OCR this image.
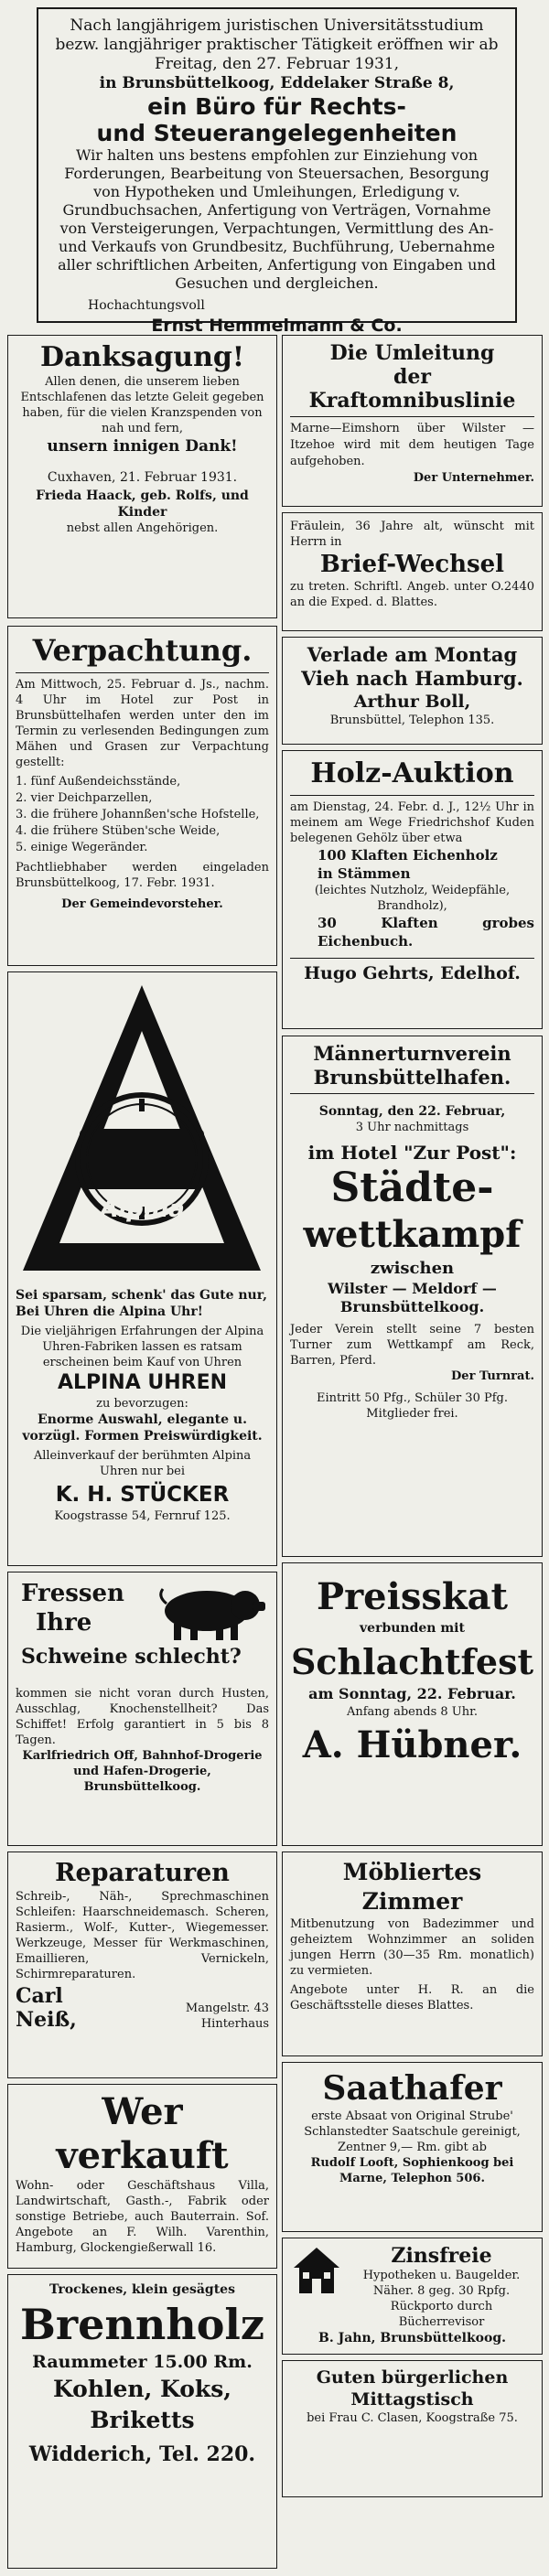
Nach langjährigem juristischen Universitätsstudium bezw. langjähriger praktischer Tätigkeit eröffnen wir ab Freitag, den 27. Februar 1931,

in Brunsbüttelkoog, Eddelaker Straße 8,

ein Büro für Rechts-

und Steuerangelegenheiten

Wir halten uns bestens empfohlen zur Einziehung von Forderungen, Bearbeitung von Steuersachen, Besorgung von Hypotheken und Umleihungen, Erledigung v. Grundbuchsachen, Anfertigung von Verträgen, Vornahme von Versteigerungen, Verpachtungen, Vermittlung des An- und Verkaufs von Grundbesitz, Buchführung, Uebernahme aller schriftlichen Arbeiten, Anfertigung von Eingaben und Gesuchen und dergleichen.

Hochachtungsvoll

Ernst Hemmelmann & Co.

Danksagung!

Allen denen, die unserem lieben Entschlafenen das letzte Geleit gegeben haben, für die vielen Kranzspenden von nah und fern,

unsern innigen Dank!

Cuxhaven, 21. Februar 1931.

Frieda Haack, geb. Rolfs, und Kinder

nebst allen Angehörigen.

Die Umleitung

der Kraftomnibuslinie

Marne—Eimshorn über Wilster —Itzehoe wird mit dem heutigen Tage aufgehoben.

Der Unternehmer.

Fräulein, 36 Jahre alt, wünscht mit Herrn in

Brief-Wechsel

zu treten. Schriftl. Angeb. unter O.2440 an die Exped. d. Blattes.

Verpachtung.

Am Mittwoch, 25. Februar d. Js., nachm. 4 Uhr im Hotel zur Post in Brunsbüttelhafen werden unter den im Termin zu verlesenden Bedingungen zum Mähen und Grasen zur Verpachtung gestellt:

1. fünf Außendeichsstände,

2. vier Deichparzellen,

3. die frühere Johannßen'sche Hofstelle,

4. die frühere Stüben'sche Weide,

5. einige Wegeränder.

Pachtliebhaber werden eingeladen Brunsbüttelkoog, 17. Febr. 1931.

Der Gemeindevorsteher.

Verlade am Montag

Vieh nach Hamburg.

Arthur Boll,

Brunsbüttel, Telephon 135.

Holz-Auktion

am Dienstag, 24. Febr. d. J., 12½ Uhr in meinem am Wege Friedrichshof Kuden belegenen Gehölz über etwa

100 Klaften Eichenholz

in Stämmen

(leichtes Nutzholz, Weidepfähle, Brandholz),

30 Klaften grobes Eichenbuch.

Hugo Gehrts, Edelhof.

Alpina

Sei sparsam, schenk' das Gute nur, Bei Uhren die Alpina Uhr!

Die vieljährigen Erfahrungen der Alpina Uhren-Fabriken lassen es ratsam erscheinen beim Kauf von Uhren

ALPINA UHREN

zu bevorzugen:

Enorme Auswahl, elegante u. vorzügl. Formen Preiswürdigkeit.

Alleinverkauf der berühmten Alpina Uhren nur bei

K. H. STÜCKER

Koogstrasse 54, Fernruf 125.

Männerturnverein

Brunsbüttelhafen.

Sonntag, den 22. Februar,

3 Uhr nachmittags

im Hotel "Zur Post":

Städte-

wettkampf

zwischen

Wilster — Meldorf —

Brunsbüttelkoog.

Jeder Verein stellt seine 7 besten Turner zum Wettkampf am Reck, Barren, Pferd.

Der Turnrat.

Eintritt 50 Pfg., Schüler 30 Pfg. Mitglieder frei.

Fressen

Ihre

Schweine schlecht?

kommen sie nicht voran durch Husten, Ausschlag, Knochenstellheit? Das Schiffet! Erfolg garantiert in 5 bis 8 Tagen.

Karlfriedrich Off, Bahnhof-Drogerie und Hafen-Drogerie, Brunsbüttelkoog.

Preisskat

verbunden mit

Schlachtfest

am Sonntag, 22. Februar.

Anfang abends 8 Uhr.

A. Hübner.

Reparaturen

Schreib-, Näh-, Sprechmaschinen Schleifen: Haarschneidemasch. Scheren, Rasierm., Wolf-, Kutter-, Wiegemesser. Werkzeuge, Messer für Werkmaschinen, Emaillieren, Vernickeln, Schirmreparaturen.

Carl Neiß,	Mangelstr. 43 Hinterhaus

Möbliertes Zimmer

Mitbenutzung von Badezimmer und geheiztem Wohnzimmer an soliden jungen Herrn (30—35 Rm. monatlich) zu vermieten.

Angebote unter H. R. an die Geschäftsstelle dieses Blattes.

Wer verkauft

Wohn- oder Geschäftshaus Villa, Landwirtschaft, Gasth.-, Fabrik oder sonstige Betriebe, auch Bauterrain. Sof. Angebote an F. Wilh. Varenthin, Hamburg, Glockengießerwall 16.

Saathafer

erste Absaat von Original Strube' Schlanstedter Saatschule gereinigt, Zentner 9,— Rm. gibt ab

Rudolf Looft, Sophienkoog bei Marne, Telephon 506.

Zinsfreie

Hypotheken u. Baugelder. Näher. 8 geg. 30 Rpfg. Rückporto durch Bücherrevisor

B. Jahn, Brunsbüttelkoog.

Trockenes, klein gesägtes

Brennholz

Raummeter 15.00 Rm.

Kohlen, Koks, Briketts

Widderich, Tel. 220.

Guten bürgerlichen Mittagstisch

bei Frau C. Clasen, Koogstraße 75.
